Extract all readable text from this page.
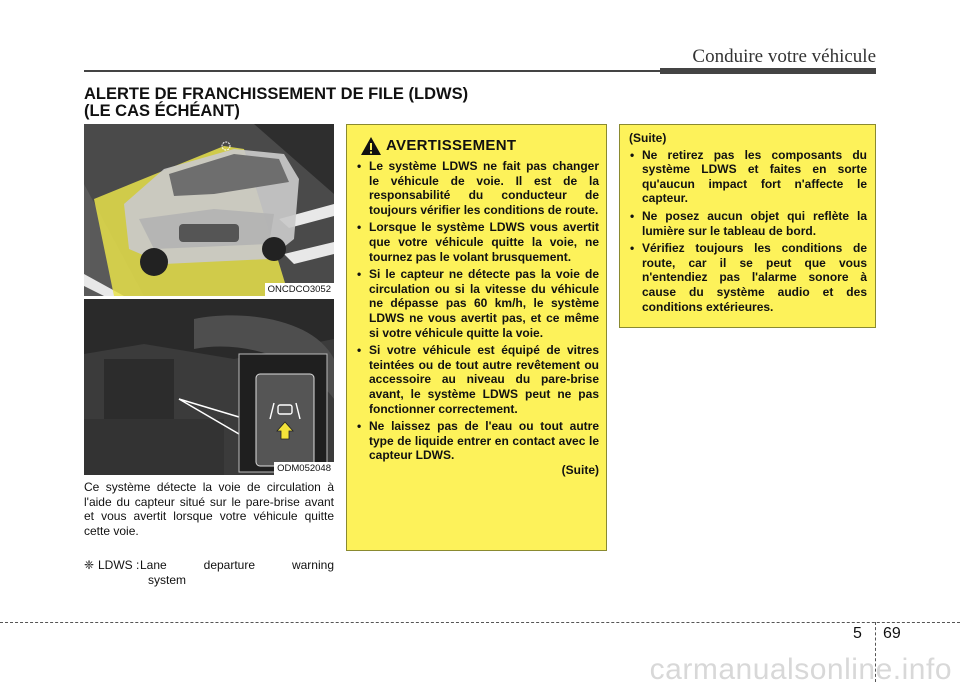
Conduire votre véhicule
ALERTE DE FRANCHISSEMENT DE FILE (LDWS)
(LE CAS ÉCHÉANT)
ONCDCO3052
ODM052048
Ce système détecte la voie de circulation à l'aide du capteur situé sur le pare-brise avant et vous avertit lorsque votre véhicule quitte cette voie.
❈ LDWS : Lane departure warning
system
AVERTISSEMENT
• Le système LDWS ne fait pas changer le véhicule de voie. Il est de la responsabilité du conducteur de toujours vérifier les conditions de route.
• Lorsque le système LDWS vous avertit que votre véhicule quitte la voie, ne tournez pas le volant brusquement.
• Si le capteur ne détecte pas la voie de circulation ou si la vitesse du véhicule ne dépasse pas 60 km/h, le système LDWS ne vous avertit pas, et ce même si votre véhicule quitte la voie.
• Si votre véhicule est équipé de vitres teintées ou de tout autre revêtement ou accessoire au niveau du pare-brise avant, le système LDWS peut ne pas fonctionner correctement.
• Ne laissez pas de l'eau ou tout autre type de liquide entrer en contact avec le capteur LDWS.
(Suite)
(Suite)
• Ne retirez pas les composants du système LDWS et faites en sorte qu'aucun impact fort n'affecte le capteur.
• Ne posez aucun objet qui reflète la lumière sur le tableau de bord.
• Vérifiez toujours les conditions de route, car il se peut que vous n'entendiez pas l'alarme sonore à cause du système audio et des conditions extérieures.
5 69
carmanualsonline.info
